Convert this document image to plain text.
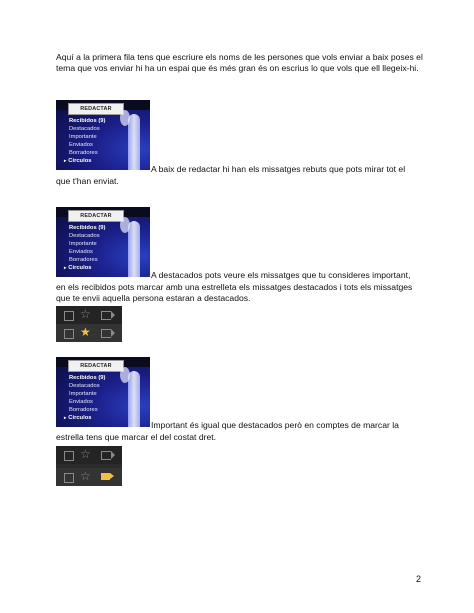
Aquí a la primera fila tens que escriure els noms de les persones que vols enviar a baix poses el tema que vos enviar hi ha un espai que és més gran és on escrius lo que vols que ell llegeix-hi.

REDACTAR
Recibidos (9)
Destacados
Importante
Enviados
Borradores
▸ Círculos
A baix de redactar hi han els missatges rebuts que pots mirar tot el
que t'han enviat.
REDACTAR
Recibidos (9)
Destacados
Importante
Enviados
Borradores
▸ Círculos
A destacados pots veure els missatges que tu consideres important,

en els recibidos pots marcar amb una estrelleta els missatges destacados i tots els missatges que te envii aquella persona estaran a destacados.

☆
★
REDACTAR
Recibidos (9)
Destacados
Importante
Enviados
Borradores
▸ Círculos
Important és igual que destacados però en comptes de marcar la
estrella tens que marcar el del costat dret.
☆
☆
2
